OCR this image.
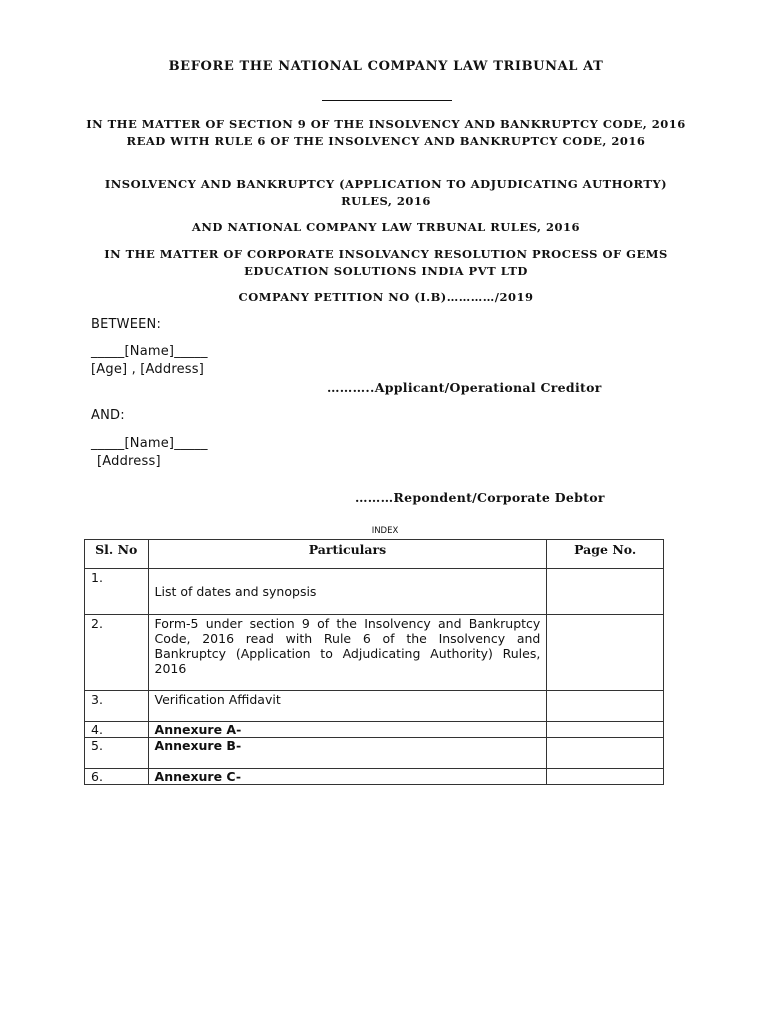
BEFORE THE NATIONAL COMPANY LAW TRIBUNAL AT
IN THE MATTER OF SECTION 9 OF THE INSOLVENCY AND BANKRUPTCY CODE, 2016 READ WITH RULE 6 OF THE INSOLVENCY AND BANKRUPTCY CODE, 2016
INSOLVENCY AND BANKRUPTCY (APPLICATION TO ADJUDICATING AUTHORTY) RULES, 2016
AND NATIONAL COMPANY LAW TRBUNAL RULES, 2016
IN THE MATTER OF CORPORATE INSOLVANCY RESOLUTION PROCESS OF GEMS EDUCATION SOLUTIONS INDIA PVT LTD
COMPANY PETITION NO (I.B)…………/2019
BETWEEN:
_____[Name]_____
[Age] , [Address]
………..Applicant/Operational Creditor
AND:
_____[Name]_____
[Address]
………Repondent/Corporate Debtor
INDEX
Sl. No	Particulars	Page No.
1.	List of dates and synopsis	
2.	Form-5 under section 9 of the Insolvency and Bankruptcy Code, 2016 read with Rule 6 of the Insolvency and Bankruptcy (Application to Adjudicating Authority) Rules, 2016	
3.	Verification Affidavit	
4.	Annexure A-	
5.	Annexure B-	
6.	Annexure C-	
